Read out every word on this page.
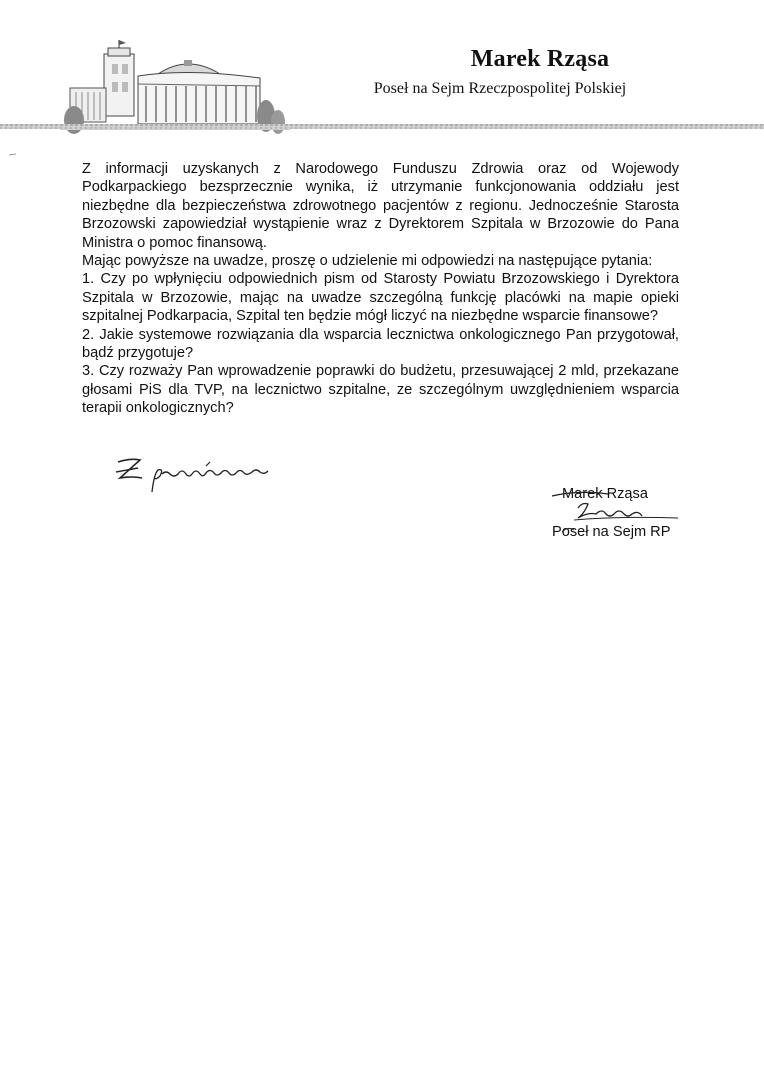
Marek Rząsa
Poseł na Sejm Rzeczpospolitej Polskiej

Z informacji uzyskanych z Narodowego Funduszu Zdrowia oraz od Wojewody Podkarpackiego bezsprzecznie wynika, iż utrzymanie funkcjonowania oddziału jest niezbędne dla bezpieczeństwa zdrowotnego pacjentów z regionu. Jednocześnie Starosta Brzozowski zapowiedział wystąpienie wraz z Dyrektorem Szpitala w Brzozowie do Pana Ministra o pomoc finansową.

Mając powyższe na uwadze, proszę o udzielenie mi odpowiedzi na następujące pytania:

1. Czy po wpłynięciu odpowiednich pism od Starosty Powiatu Brzozowskiego i Dyrektora Szpitala w Brzozowie, mając na uwadze szczególną funkcję placówki na mapie opieki szpitalnej Podkarpacia, Szpital ten będzie mógł liczyć na niezbędne wsparcie finansowe?

2. Jakie systemowe rozwiązania dla wsparcia lecznictwa onkologicznego Pan przygotował, bądź przygotuje?

3. Czy rozważy Pan wprowadzenie poprawki do budżetu, przesuwającej 2 mld, przekazane głosami PiS dla TVP, na lecznictwo szpitalne, ze szczególnym uwzględnieniem wsparcia terapii onkologicznych?

Marek Rząsa
Poseł na Sejm RP
